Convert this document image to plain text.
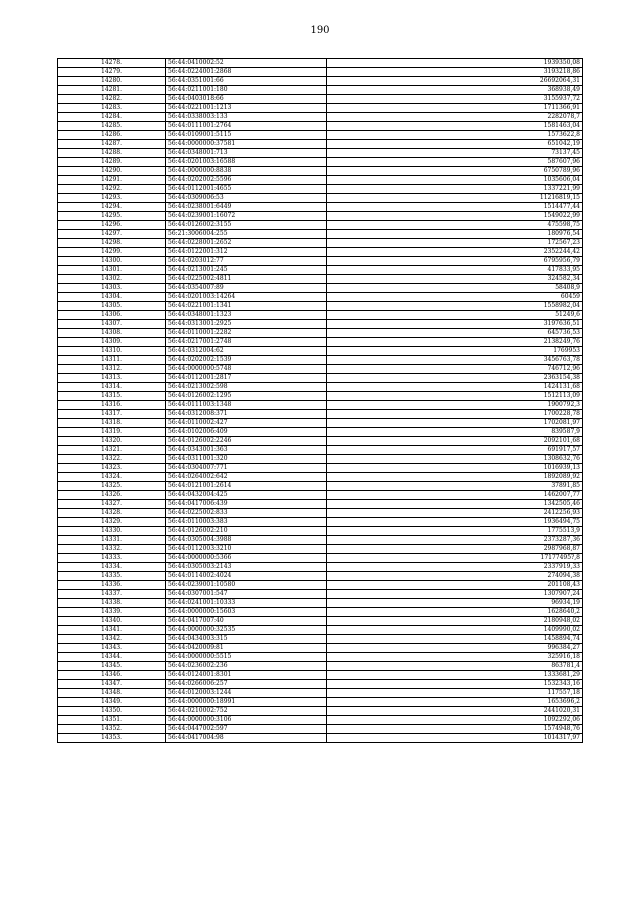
190
14278.	56:44:0410002:52	1939350,08
14279.	56:44:0224001:2868	3193218,86
14280.	56:44:0351001:66	26692064,31
14281.	56:44:0211001:180	368938,49
14282.	56:44:0403018:66	3155937,72
14283.	56:44:0221001:1213	1711366,91
14284.	56:44:0338003:133	2282078,7
14285.	56:44:0111001:2764	1581463,04
14286.	56:44:0109001:5115	1573622,8
14287.	56:44:0000000:37581	651042,19
14288.	56:44:0348001:713	73137,45
14289.	56:44:0201003:16588	587607,96
14290.	56:44:0000000:8838	6750789,96
14291.	56:44:0202002:5596	1035606,04
14292.	56:44:0112001:4655	1337221,99
14293.	56:44:0309006:53	11216819,15
14294.	56:44:0238001:6449	1514477,44
14295.	56:44:0239001:16072	1549022,99
14296.	56:44:0126002:3155	475598,75
14297.	56:21:3006004:255	180976,54
14298.	56:44:0228001:2652	172567,23
14299.	56:44:0122001:312	2352244,42
14300.	56:44:0203012:77	6795956,79
14301.	56:44:0213001:245	417833,95
14302.	56:44:0225002:4811	324582,34
14303.	56:44:0354007:89	58408,9
14304.	56:44:0201003:14264	60459
14305.	56:44:0221001:1341	1558982,04
14306.	56:44:0348001:1323	51249,6
14307.	56:44:0313001:2925	3197636,51
14308.	56:44:0110001:2282	645736,53
14309.	56:44:0217001:2748	2138249,76
14310.	56:44:0312004:62	1769953
14311.	56:44:0202002:1539	3456763,78
14312.	56:44:0000000:5748	746712,96
14313.	56:44:0112001:2817	2363154,38
14314.	56:44:0213002:598	1424131,68
14315.	56:44:0126002:1295	1512113,09
14316.	56:44:0111003:1348	1900792,3
14317.	56:44:0312008:371	1700228,78
14318.	56:44:0110002:427	1702081,97
14319.	56:44:0102006:409	839587,9
14320.	56:44:0126002:2246	2092101,68
14321.	56:44:0343001:363	691917,57
14322.	56:44:0311001:320	1308632,76
14323.	56:44:0304007:771	1016939,13
14324.	56:44:0264002:642	1892089,92
14325.	56:44:0121001:2614	37891,85
14326.	56:44:0432004:425	1462007,77
14327.	56:44:0417006:439	1342505,46
14328.	56:44:0225002:833	2412256,93
14329.	56:44:0110003:383	1936494,75
14330.	56:44:0126002:210	1775513,9
14331.	56:44:0305004:3988	2373287,36
14332.	56:44:0112003:3210	2987968,87
14333.	56:44:0000000:5366	17177495?,8
14334.	56:44:0305003:2143	2337919,33
14335.	56:44:0114002:4024	274094,38
14336.	56:44:0239001:10580	201108,43
14337.	56:44:0307001:547	1307907,24
14338.	56:44:0241001:10333	96934,19
14339.	56:44:0000000:15603	1628640,2
14340.	56:44:0417007:40	2180948,02
14341.	56:44:0000000:32535	1409990,02
14342.	56:44:0434003:315	1458894,74
14343.	56:44:0420009:81	996384,27
14344.	56:44:0000000:5515	325916,18
14345.	56:44:0236002:236	863781,4
14346.	56:44:0124001:8301	1333681,29
14347.	56:44:0266006:257	1532343,16
14348.	56:44:0120003:1244	117557,18
14349.	56:44:0000000:18991	1653696,2
14350.	56:44:0210002:752	2441020,31
14351.	56:44:0000000:3106	1092292,06
14352.	56:44:0447002:597	1574948,76
14353.	56:44:0417004:98	1014317,97
